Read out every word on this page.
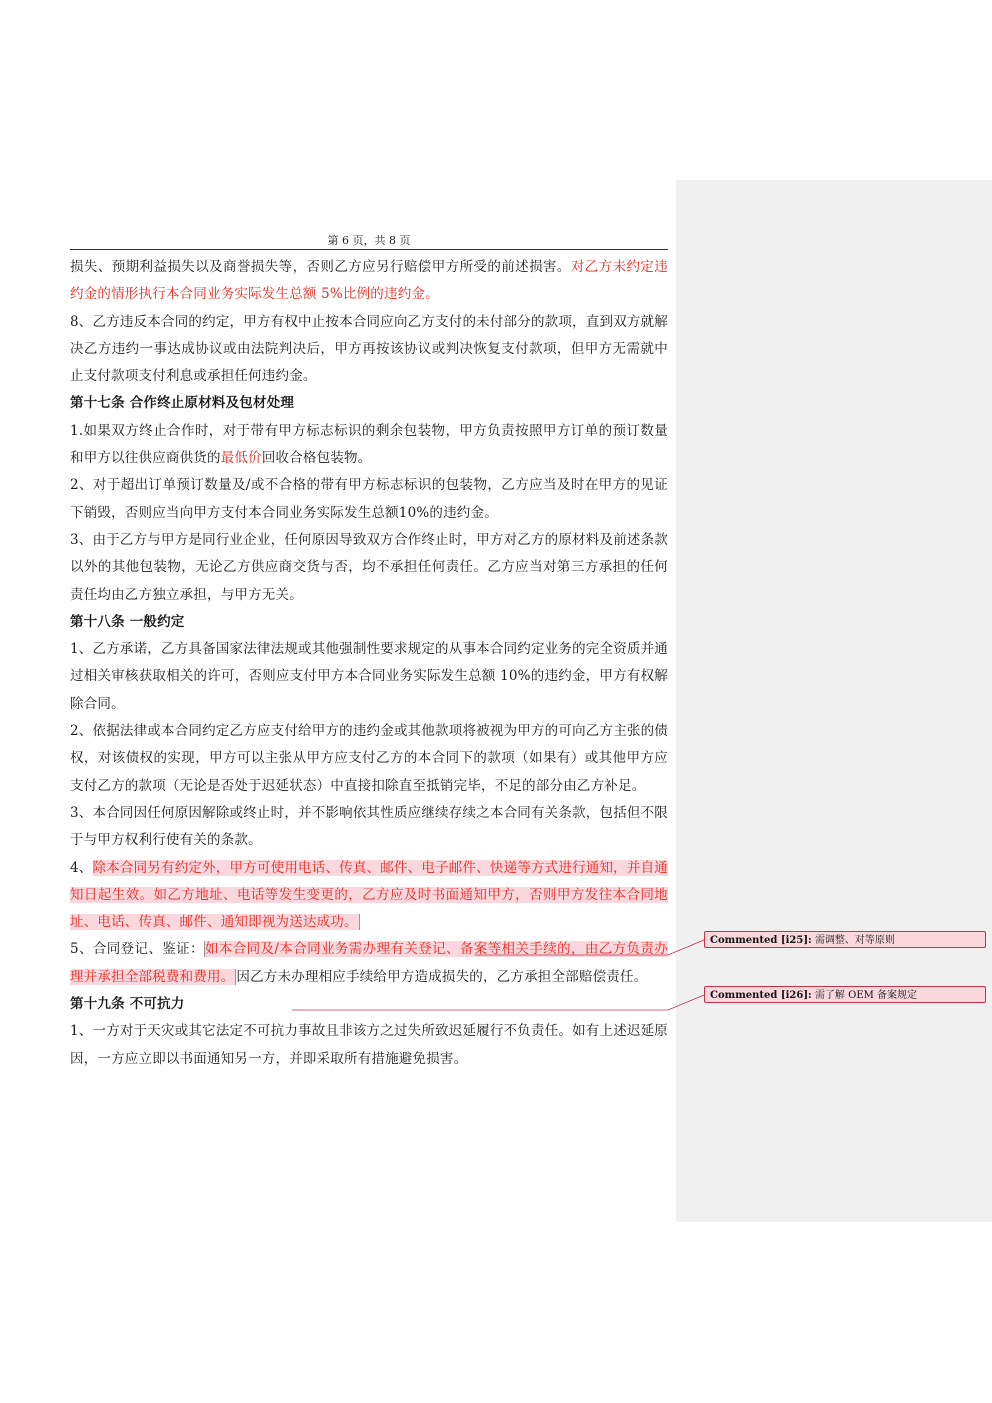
第 6 页，共 8 页

损失、预期利益损失以及商誉损失等，否则乙方应另行赔偿甲方所受的前述损害。对乙方未约定违约金的情形执行本合同业务实际发生总额 5%比例的违约金。

8、乙方违反本合同的约定，甲方有权中止按本合同应向乙方支付的未付部分的款项，直到双方就解决乙方违约一事达成协议或由法院判决后，甲方再按该协议或判决恢复支付款项，但甲方无需就中止支付款项支付利息或承担任何违约金。

第十七条 合作终止原材料及包材处理

1.如果双方终止合作时，对于带有甲方标志标识的剩余包装物，甲方负责按照甲方订单的预订数量和甲方以往供应商供货的最低价回收合格包装物。

2、对于超出订单预订数量及/或不合格的带有甲方标志标识的包装物，乙方应当及时在甲方的见证下销毁，否则应当向甲方支付本合同业务实际发生总额10%的违约金。

3、由于乙方与甲方是同行业企业，任何原因导致双方合作终止时，甲方对乙方的原材料及前述条款以外的其他包装物，无论乙方供应商交货与否，均不承担任何责任。乙方应当对第三方承担的任何责任均由乙方独立承担，与甲方无关。

第十八条 一般约定

1、乙方承诺，乙方具备国家法律法规或其他强制性要求规定的从事本合同约定业务的完全资质并通过相关审核获取相关的许可，否则应支付甲方本合同业务实际发生总额 10%的违约金，甲方有权解除合同。

2、依据法律或本合同约定乙方应支付给甲方的违约金或其他款项将被视为甲方的可向乙方主张的债权，对该债权的实现，甲方可以主张从甲方应支付乙方的本合同下的款项（如果有）或其他甲方应支付乙方的款项（无论是否处于迟延状态）中直接扣除直至抵销完毕，不足的部分由乙方补足。

3、本合同因任何原因解除或终止时，并不影响依其性质应继续存续之本合同有关条款，包括但不限于与甲方权利行使有关的条款。

4、除本合同另有约定外，甲方可使用电话、传真、邮件、电子邮件、快递等方式进行通知，并自通知日起生效。如乙方地址、电话等发生变更的，乙方应及时书面通知甲方，否则甲方发往本合同地址、电话、传真、邮件、通知即视为送达成功。

5、合同登记、鉴证：如本合同及/本合同业务需办理有关登记、备案等相关手续的，由乙方负责办理并承担全部税费和费用。 因乙方未办理相应手续给甲方造成损失的，乙方承担全部赔偿责任。

第十九条 不可抗力

1、一方对于天灾或其它法定不可抗力事故且非该方之过失所致迟延履行不负责任。如有上述迟延原因，一方应立即以书面通知另一方，并即采取所有措施避免损害。

Commented [i25]: 需调整、对等原则
Commented [i26]: 需了解 OEM 备案规定
